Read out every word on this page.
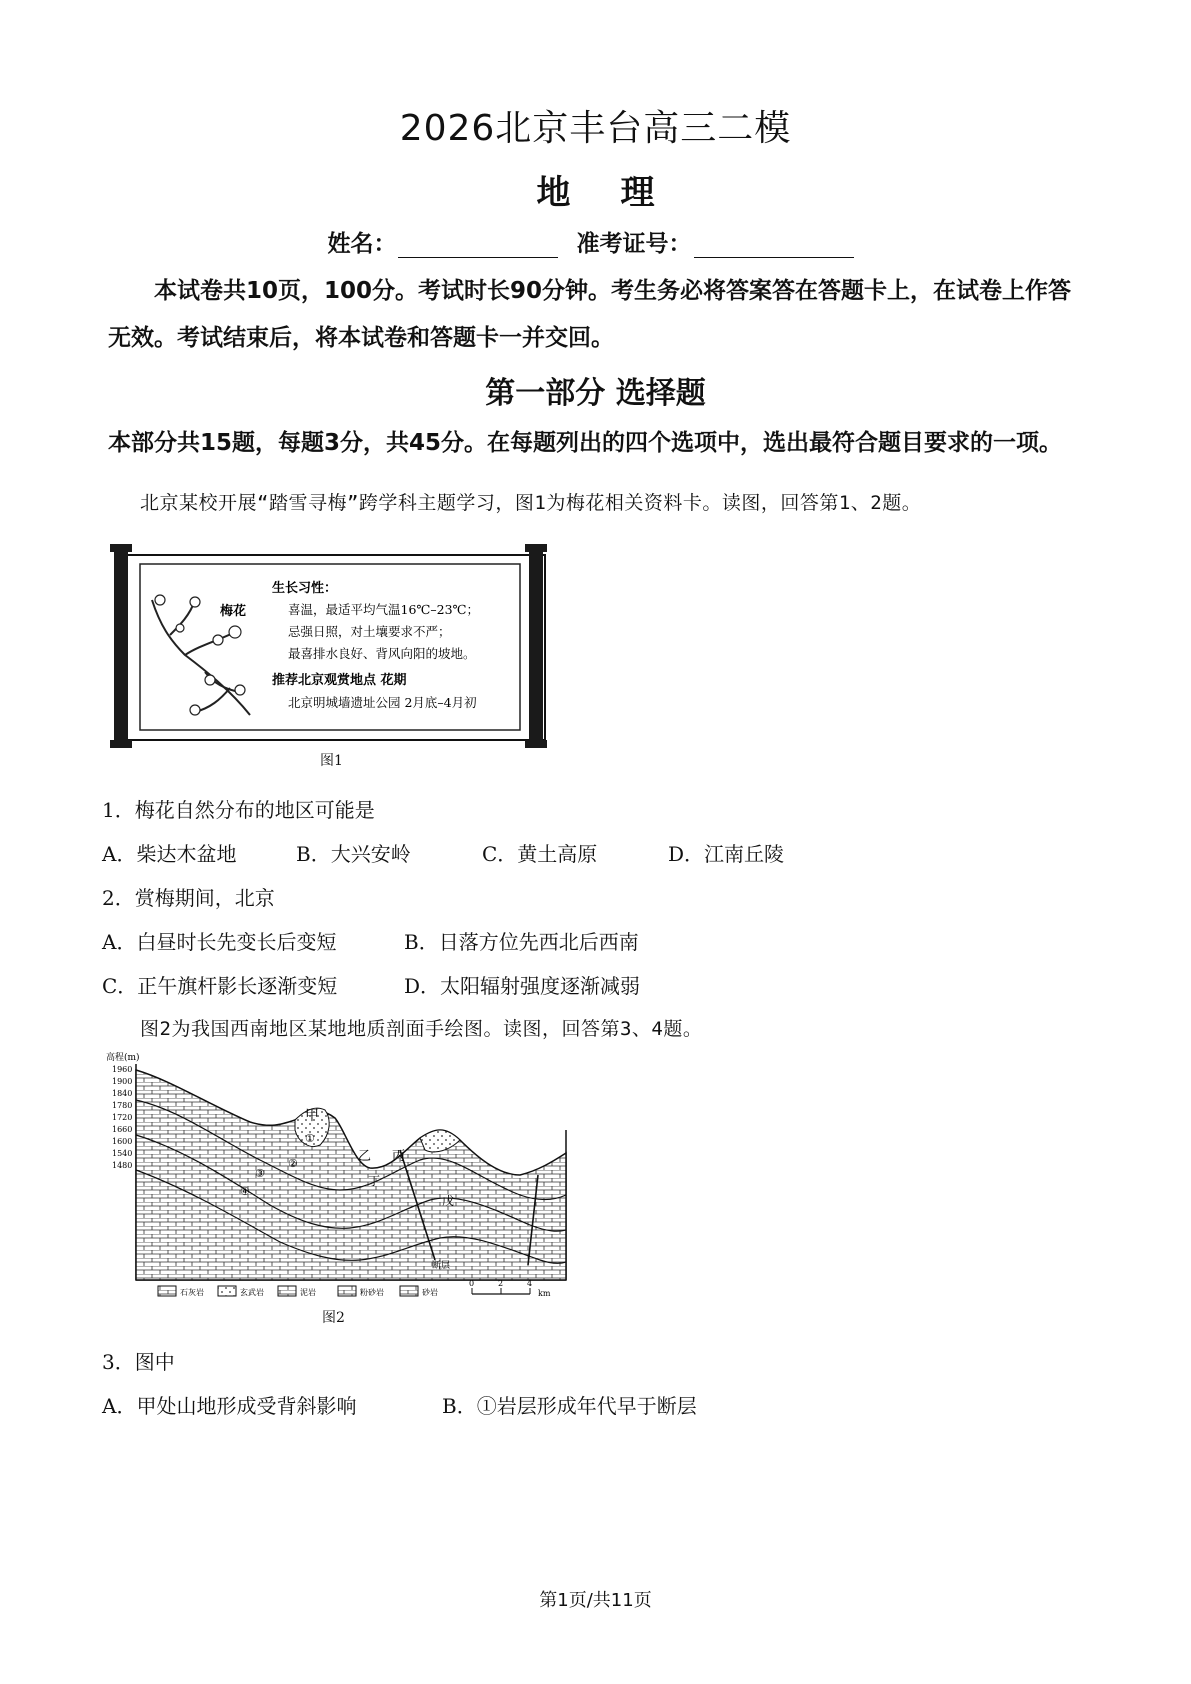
2026北京丰台高三二模
地理
姓名：	准考证号：
本试卷共10页，100分。考试时长90分钟。考生务必将答案答在答题卡上，在试卷上作答无效。考试结束后，将本试卷和答题卡一并交回。
第一部分 选择题
本部分共15题，每题3分，共45分。在每题列出的四个选项中，选出最符合题目要求的一项。
北京某校开展“踏雪寻梅”跨学科主题学习，图1为梅花相关资料卡。读图，回答第1、2题。
梅花
生长习性：
喜温，最适平均气温16℃–23℃；
忌强日照，对土壤要求不严；
最喜排水良好、背风向阳的坡地。
推荐北京观赏地点 花期
北京明城墙遗址公园 2月底–4月初
图1
1．梅花自然分布的地区可能是
A．柴达木盆地	B．大兴安岭	C．黄土高原	D．江南丘陵
2．赏梅期间，北京
A．白昼时长先变长后变短	B．日落方位先西北后西南
C．正午旗杆影长逐渐变短	D．太阳辐射强度逐渐减弱
图2为我国西南地区某地地质剖面手绘图。读图，回答第3、4题。
高程(m)
1960
1900
1840
1780
1720
1660
1600
1540
1480
甲
乙 丙
丁
戊
断层
①
②
③
④
石灰岩	玄武岩	泥岩	粉砂岩	砂岩
0	2	4
km
图2
3．图中
A．甲处山地形成受背斜影响	B．①岩层形成年代早于断层
第1页/共11页
